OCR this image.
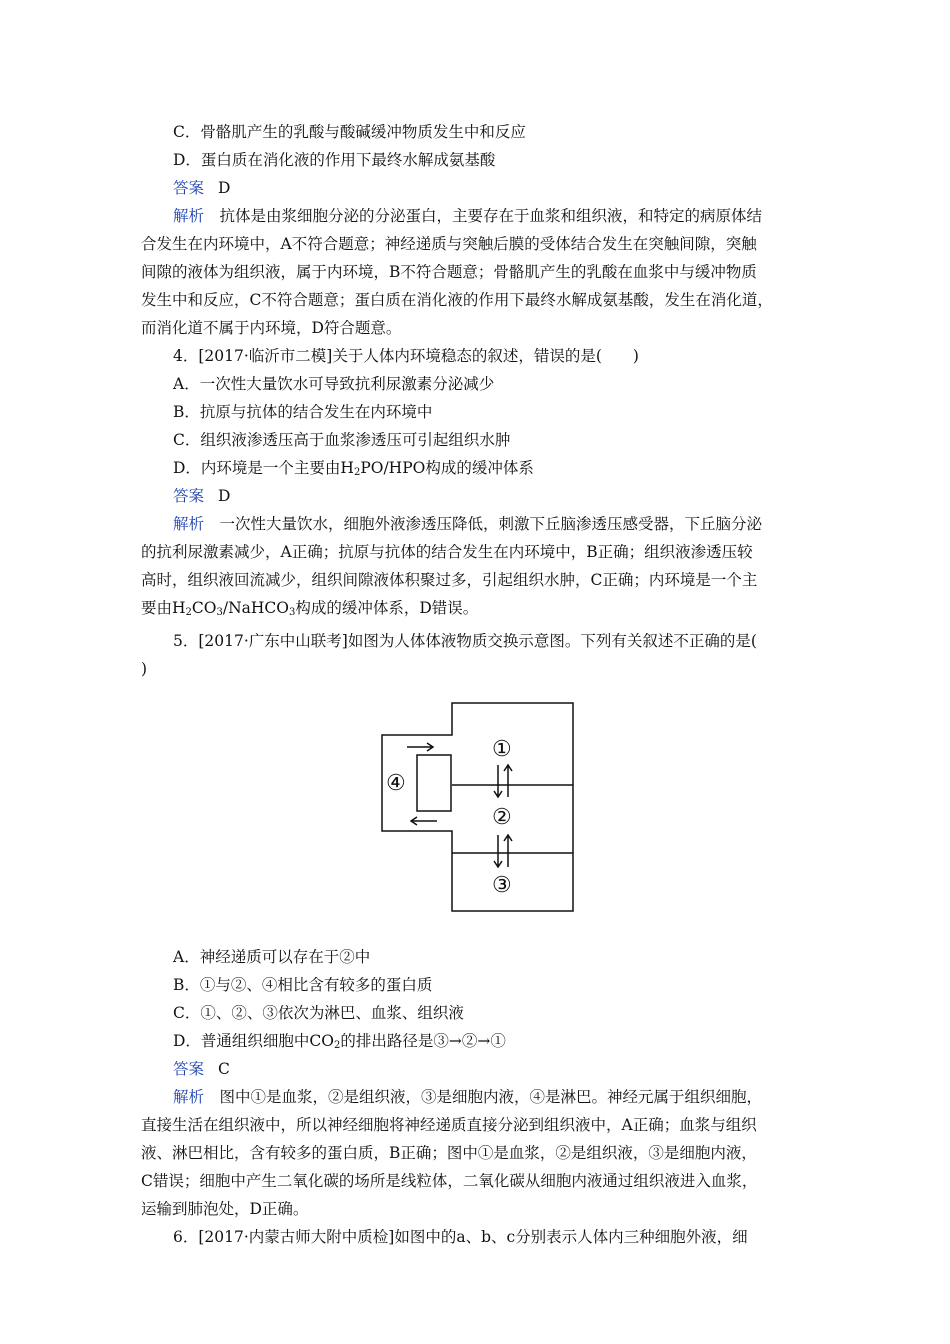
C．骨骼肌产生的乳酸与酸碱缓冲物质发生中和反应
D．蛋白质在消化液的作用下最终水解成氨基酸
答案 D

解析　 抗体是由浆细胞分泌的分泌蛋白，主要存在于血浆和组织液，和特定的病原体结

合发生在内环境中，A不符合题意；神经递质与突触后膜的受体结合发生在突触间隙，突触

间隙的液体为组织液，属于内环境，B不符合题意；骨骼肌产生的乳酸在血浆中与缓冲物质

发生中和反应，C不符合题意；蛋白质在消化液的作用下最终水解成氨基酸，发生在消化道，

而消化道不属于内环境，D符合题意。

4．[2017·临沂市二模]关于人体内环境稳态的叙述，错误的是(　　)
A．一次性大量饮水可导致抗利尿激素分泌减少
B．抗原与抗体的结合发生在内环境中
C．组织液渗透压高于血浆渗透压可引起组织水肿
D．内环境是一个主要由$H_2PO$/HPO构成的缓冲体系
答案 D

解析　 一次性大量饮水，细胞外液渗透压降低，刺激下丘脑渗透压感受器，下丘脑分泌

的抗利尿激素减少，A正确；抗原与抗体的结合发生在内环境中，B正确；组织液渗透压较

高时，组织液回流减少，组织间隙液体积聚过多，引起组织水肿，C正确；内环境是一个主

要由$H_2CO_3/NaHCO_3$构成的缓冲体系，D错误。

5．[2017·广东中山联考]如图为人体体液物质交换示意图。下列有关叙述不正确的是(
)
①
②
③
④
A．神经递质可以存在于②中
B．①与②、④相比含有较多的蛋白质
C．①、②、③依次为淋巴、血浆、组织液
D．普通组织细胞中$CO_2$的排出路径是③→②→①
答案 C

解析　 图中①是血浆，②是组织液，③是细胞内液，④是淋巴。神经元属于组织细胞，

直接生活在组织液中，所以神经细胞将神经递质直接分泌到组织液中，A正确；血浆与组织

液、淋巴相比，含有较多的蛋白质，B正确；图中①是血浆，②是组织液，③是细胞内液，

C错误；细胞中产生二氧化碳的场所是线粒体，二氧化碳从细胞内液通过组织液进入血浆，

运输到肺泡处，D正确。

6．[2017·内蒙古师大附中质检]如图中的a、b、c分别表示人体内三种细胞外液，细
